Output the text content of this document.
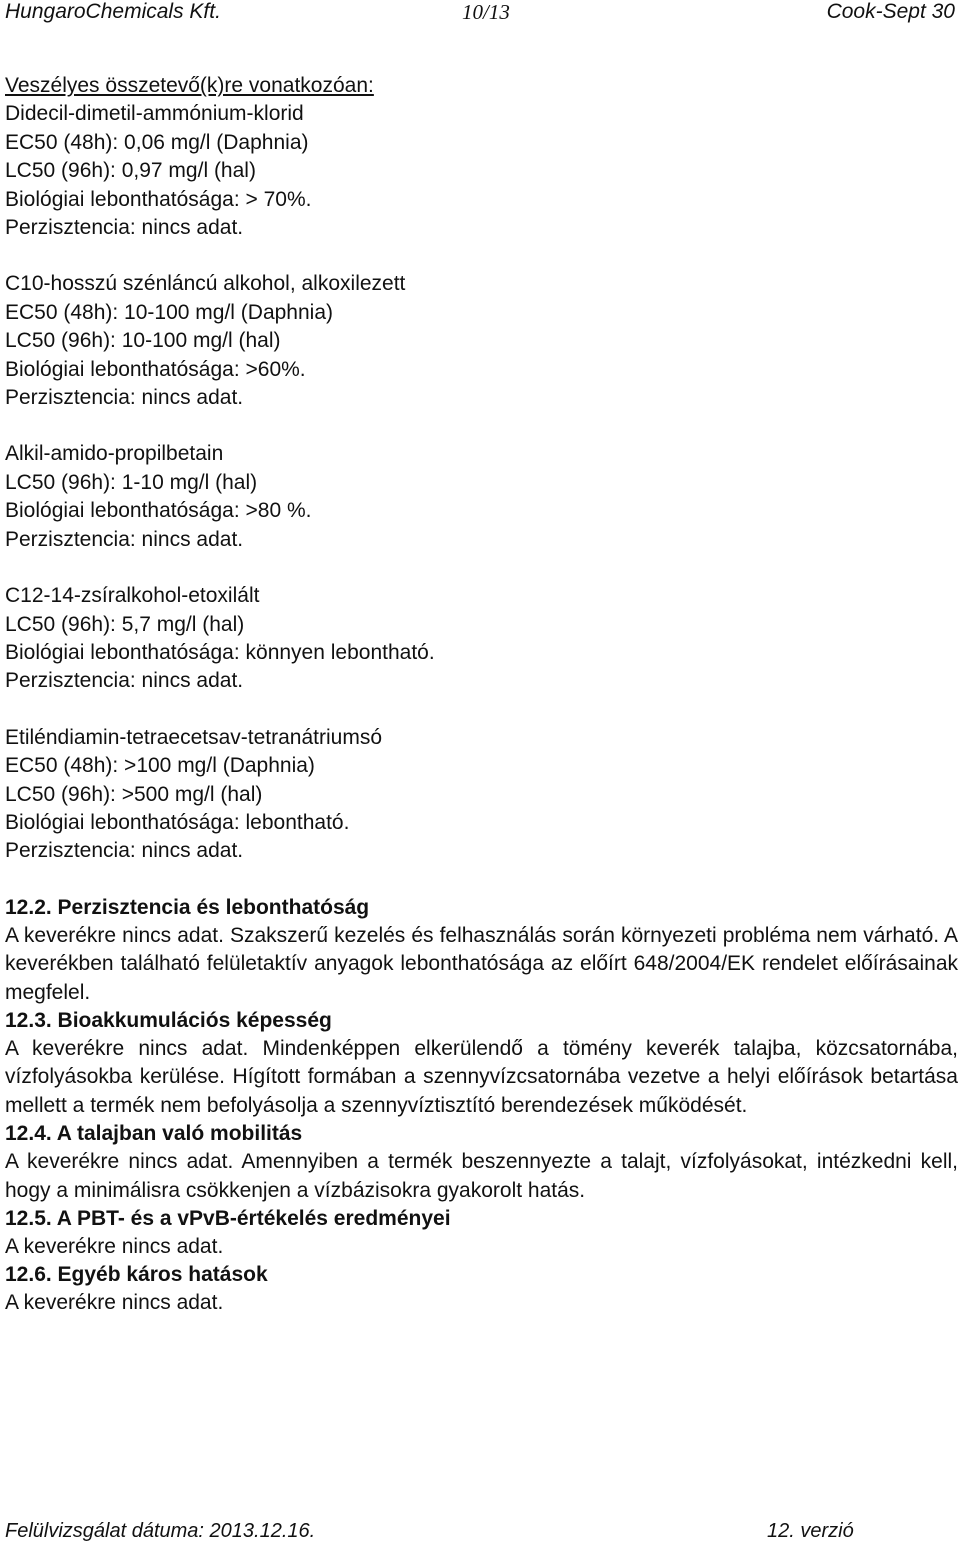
HungaroChemicals Kft.	10/13	Cook-Sept 30

Veszélyes összetevő(k)re vonatkozóan:

Didecil-dimetil-ammónium-klorid

EC50 (48h): 0,06 mg/l (Daphnia)

LC50 (96h): 0,97 mg/l (hal)

Biológiai lebonthatósága: > 70%.

Perzisztencia: nincs adat.

C10-hosszú szénláncú alkohol, alkoxilezett

EC50 (48h): 10-100 mg/l (Daphnia)

LC50 (96h): 10-100 mg/l (hal)

Biológiai lebonthatósága: >60%.

Perzisztencia: nincs adat.

Alkil-amido-propilbetain

LC50 (96h): 1-10 mg/l (hal)

Biológiai lebonthatósága: >80 %.

Perzisztencia: nincs adat.

C12-14-zsíralkohol-etoxilált

LC50 (96h): 5,7 mg/l (hal)

Biológiai lebonthatósága: könnyen lebontható.

Perzisztencia: nincs adat.

Etiléndiamin-tetraecetsav-tetranátriumsó

EC50 (48h): >100 mg/l (Daphnia)

LC50 (96h): >500 mg/l (hal)

Biológiai lebonthatósága: lebontható.

Perzisztencia: nincs adat.

12.2. Perzisztencia és lebonthatóság

A keverékre nincs adat. Szakszerű kezelés és felhasználás során környezeti probléma nem várható. A keverékben található felületaktív anyagok lebonthatósága az előírt 648/2004/EK rendelet előírásainak megfelel.

12.3. Bioakkumulációs képesség

A keverékre nincs adat. Mindenképpen elkerülendő a tömény keverék talajba, közcsatornába, vízfolyásokba kerülése. Hígított formában a szennyvízcsatornába vezetve a helyi előírások betartása mellett a termék nem befolyásolja a szennyvíztisztító berendezések működését.

12.4. A talajban való mobilitás

A keverékre nincs adat. Amennyiben a termék beszennyezte a talajt, vízfolyásokat, intézkedni kell, hogy a minimálisra csökkenjen a vízbázisokra gyakorolt hatás.

12.5. A PBT- és a vPvB-értékelés eredményei

A keverékre nincs adat.

12.6. Egyéb káros hatások

A keverékre nincs adat.

Felülvizsgálat dátuma: 2013.12.16.	12. verzió
